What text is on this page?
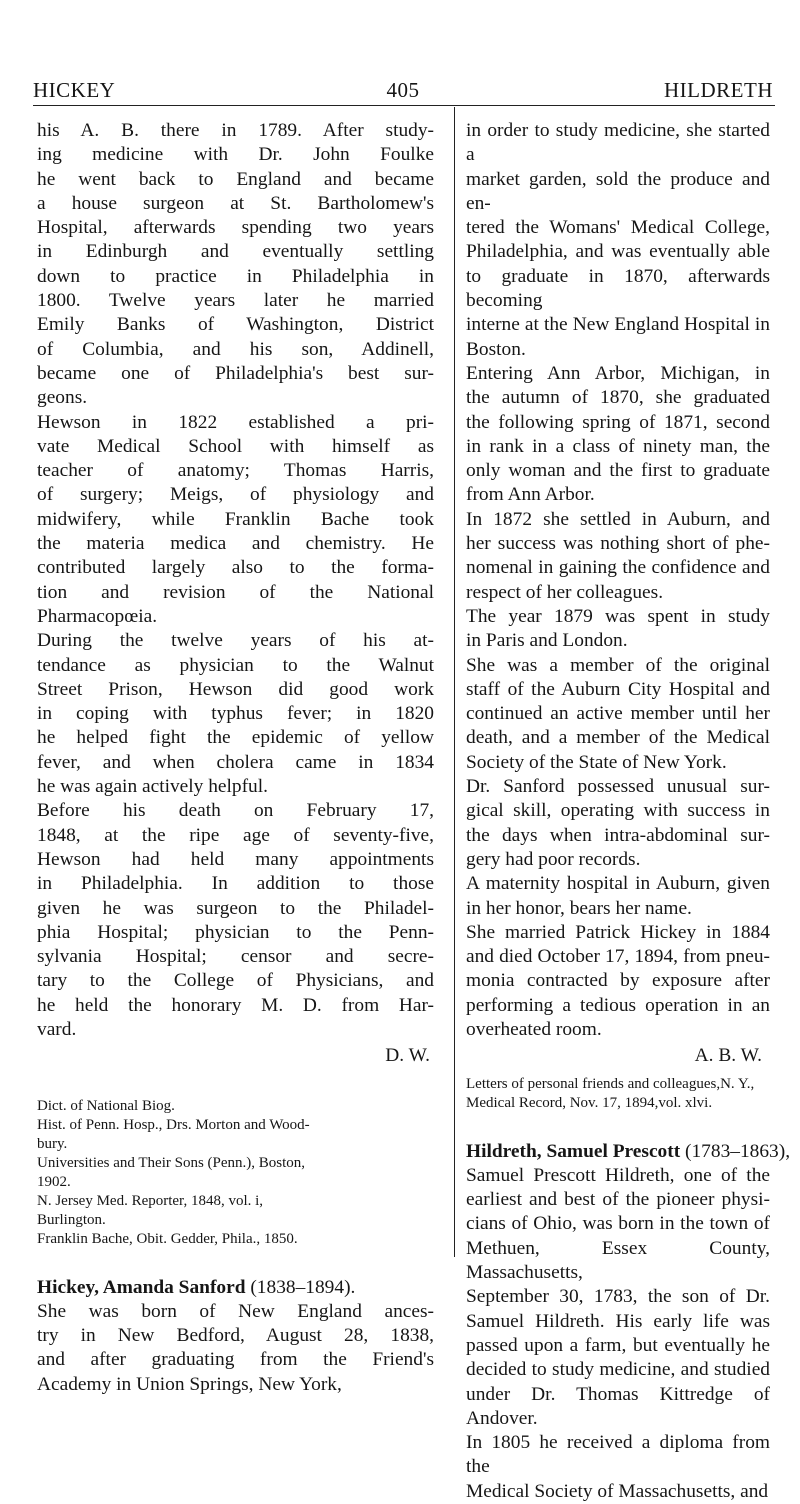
HICKEY	405	HILDRETH
his A. B. there in 1789. After study-
ing medicine with Dr. John Foulke
he went back to England and became
a house surgeon at St. Bartholomew's
Hospital, afterwards spending two years
in Edinburgh and eventually settling
down to practice in Philadelphia in
1800. Twelve years later he married
Emily Banks of Washington, District
of Columbia, and his son, Addinell,
became one of Philadelphia's best sur-
geons.
Hewson in 1822 established a pri-
vate Medical School with himself as
teacher of anatomy; Thomas Harris,
of surgery; Meigs, of physiology and
midwifery, while Franklin Bache took
the materia medica and chemistry. He
contributed largely also to the forma-
tion and revision of the National
Pharmacopœia.
During the twelve years of his at-
tendance as physician to the Walnut
Street Prison, Hewson did good work
in coping with typhus fever; in 1820
he helped fight the epidemic of yellow
fever, and when cholera came in 1834
he was again actively helpful.
Before his death on February 17,
1848, at the ripe age of seventy-five,
Hewson had held many appointments
in Philadelphia. In addition to those
given he was surgeon to the Philadel-
phia Hospital; physician to the Penn-
sylvania Hospital; censor and secre-
tary to the College of Physicians, and
he held the honorary M. D. from Har-
vard.
D. W.
Dict. of National Biog.
Hist. of Penn. Hosp., Drs. Morton and Wood-
bury.
Universities and Their Sons (Penn.), Boston,
1902.
N. Jersey Med. Reporter, 1848, vol. i,
Burlington.
Franklin Bache, Obit. Gedder, Phila., 1850.
Hickey, Amanda Sanford (1838–1894).
She was born of New England ances-
try in New Bedford, August 28, 1838,
and after graduating from the Friend's
Academy in Union Springs, New York,
in order to study medicine, she started a
market garden, sold the produce and en-
tered the Womans' Medical College,
Philadelphia, and was eventually able
to graduate in 1870, afterwards becoming
interne at the New England Hospital in
Boston.
Entering Ann Arbor, Michigan, in
the autumn of 1870, she graduated
the following spring of 1871, second
in rank in a class of ninety man, the
only woman and the first to graduate
from Ann Arbor.
In 1872 she settled in Auburn, and
her success was nothing short of phe-
nomenal in gaining the confidence and
respect of her colleagues.
The year 1879 was spent in study
in Paris and London.
She was a member of the original
staff of the Auburn City Hospital and
continued an active member until her
death, and a member of the Medical
Society of the State of New York.
Dr. Sanford possessed unusual sur-
gical skill, operating with success in
the days when intra-abdominal sur-
gery had poor records.
A maternity hospital in Auburn, given
in her honor, bears her name.
She married Patrick Hickey in 1884
and died October 17, 1894, from pneu-
monia contracted by exposure after
performing a tedious operation in an
overheated room.
A. B. W.
Letters of personal friends and colleagues,N. Y., Medical Record, Nov. 17, 1894,vol. xlvi.
Hildreth, Samuel Prescott (1783–1863),
Samuel Prescott Hildreth, one of the
earliest and best of the pioneer physi-
cians of Ohio, was born in the town of
Methuen, Essex County, Massachusetts,
September 30, 1783, the son of Dr.
Samuel Hildreth. His early life was
passed upon a farm, but eventually he
decided to study medicine, and studied
under Dr. Thomas Kittredge of Andover.
In 1805 he received a diploma from the
Medical Society of Massachusetts, and
